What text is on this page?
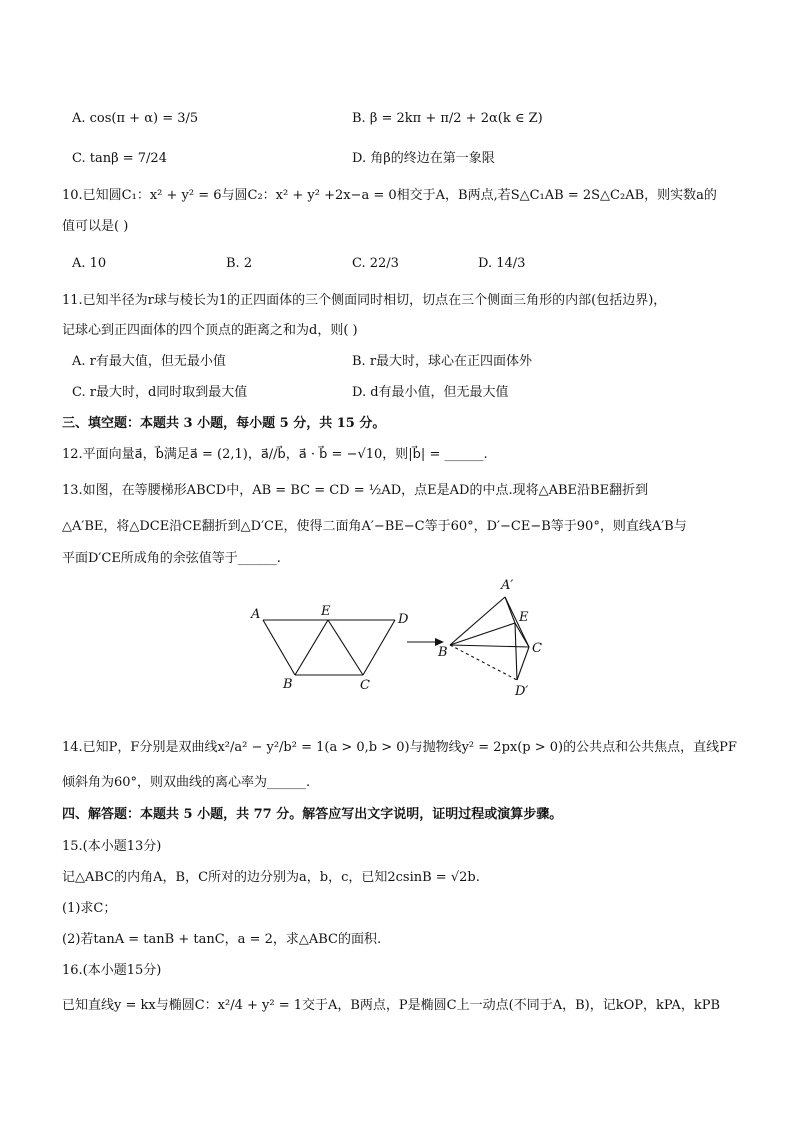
A. cos(π + α) = 3/5	B. β = 2kπ + π/2 + 2α(k ∈ Z)
C. tanβ = 7/24	D. 角β的终边在第一象限
10.已知圆C₁：x² + y² = 6与圆C₂：x² + y² +2x−a = 0相交于A，B两点,若S△C₁AB = 2S△C₂AB，则实数a的
值可以是( )
A. 10	B. 2	C. 22/3	D. 14/3
11.已知半径为r球与棱长为1的正四面体的三个侧面同时相切，切点在三个侧面三角形的内部(包括边界)，
记球心到正四面体的四个顶点的距离之和为d，则( )
A. r有最大值，但无最小值	B. r最大时，球心在正四面体外
C. r最大时，d同时取到最大值	D. d有最小值，但无最大值
三、填空题：本题共 3 小题，每小题 5 分，共 15 分。
12.平面向量a⃗，b⃗满足a⃗ = (2,1)，a⃗//b⃗，a⃗ · b⃗ = −√10，则|b⃗| = ______.
13.如图，在等腰梯形ABCD中，AB = BC = CD = ½AD，点E是AD的中点.现将△ABE沿BE翻折到
△A′BE，将△DCE沿CE翻折到△D′CE，使得二面角A′−BE−C等于60°，D′−CE−B等于90°，则直线A′B与
平面D′CE所成角的余弦值等于______.
A	E
D
B	C
A′
E
B	C
D′
14.已知P，F分别是双曲线x²/a² − y²/b² = 1(a > 0,b > 0)与抛物线y² = 2px(p > 0)的公共点和公共焦点，直线PF
倾斜角为60°，则双曲线的离心率为______.
四、解答题：本题共 5 小题，共 77 分。解答应写出文字说明，证明过程或演算步骤。
15.(本小题13分)
记△ABC的内角A，B，C所对的边分别为a，b，c，已知2csinB = √2b.
(1)求C；
(2)若tanA = tanB + tanC，a = 2，求△ABC的面积.
16.(本小题15分)
已知直线y = kx与椭圆C：x²/4 + y² = 1交于A，B两点，P是椭圆C上一动点(不同于A，B)，记kOP，kPA，kPB
